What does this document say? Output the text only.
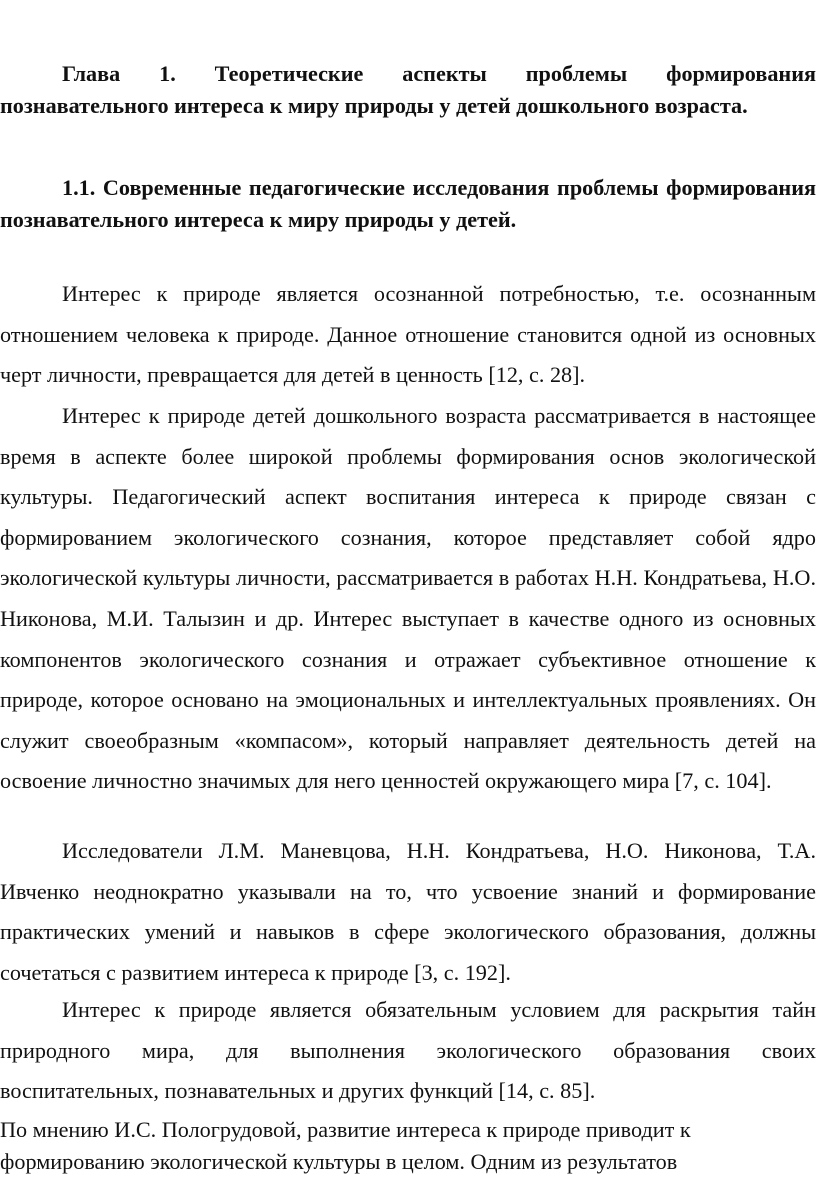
Глава 1. Теоретические аспекты проблемы формирования познавательного интереса к миру природы у детей дошкольного возраста.

1.1. Современные педагогические исследования проблемы формирования познавательного интереса к миру природы у детей.

Интерес к природе является осознанной потребностью, т.е. осознанным отношением человека к природе. Данное отношение становится одной из основных черт личности, превращается для детей в ценность [12, с. 28].

Интерес к природе детей дошкольного возраста рассматривается в настоящее время в аспекте более широкой проблемы формирования основ экологической культуры. Педагогический аспект воспитания интереса к природе связан с формированием экологического сознания, которое представляет собой ядро экологической культуры личности, рассматривается в работах Н.Н. Кондратьева, Н.О. Никонова, М.И. Талызин и др. Интерес выступает в качестве одного из основных компонентов экологического сознания и отражает субъективное отношение к природе, которое основано на эмоциональных и интеллектуальных проявлениях. Он служит своеобразным «компасом», который направляет деятельность детей на освоение личностно значимых для него ценностей окружающего мира [7, с. 104].

Исследователи Л.М. Маневцова, Н.Н. Кондратьева, Н.О. Никонова, Т.А. Ивченко неоднократно указывали на то, что усвоение знаний и формирование практических умений и навыков в сфере экологического образования, должны сочетаться с развитием интереса к природе [3, с. 192].

Интерес к природе является обязательным условием для раскрытия тайн природного мира, для выполнения экологического образования своих воспитательных, познавательных и других функций [14, с. 85].

По мнению И.С. Пологрудовой, развитие интереса к природе приводит к формированию экологической культуры в целом. Одним из результатов
